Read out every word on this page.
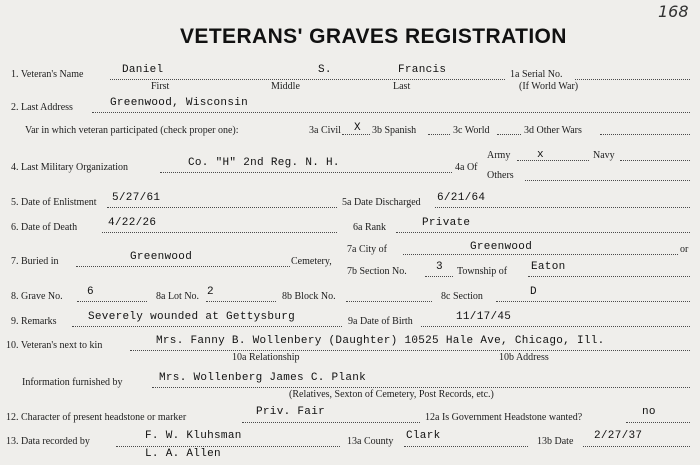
168
VETERANS' GRAVES REGISTRATION
1. Veteran's Name	Daniel	S.	Francis
First	Middle	Last
1a Serial No.
(If World War)
2. Last Address	Greenwood, Wisconsin
Var in which veteran participated (check proper one):	3a Civil X 3b Spanish	3c World	3d Other Wars
4. Last Military Organization	Co. "H" 2nd Reg. N. H.	4a Of
Army x	Navy
Others
5. Date of Enlistment 5/27/61	5a Date Discharged 6/21/64
6. Date of Death	4/22/26	6a Rank	Private
7. Buried in	Greenwood	Cemetery,
7a City of	Greenwood	or
7b Section No.	3 Township of Eaton
8. Grave No. 6	8a Lot No. 2	8b Block No.	8c Section	D
9. Remarks	Severely wounded at Gettysburg	9a Date of Birth	11/17/45
10. Veteran's next to kin	Mrs. Fanny B. Wollenbery (Daughter) 10525 Hale Ave, Chicago, Ill.
10a Relationship	10b Address
Information furnished by	Mrs. Wollenberg James C. Plank
(Relatives, Sexton of Cemetery, Post Records, etc.)
12. Character of present headstone or marker	Priv. Fair	12a Is Government Headstone wanted?	no
13. Data recorded by	F. W. Kluhsman
L. A. Allen
13a County Clark	13b Date 2/27/37
